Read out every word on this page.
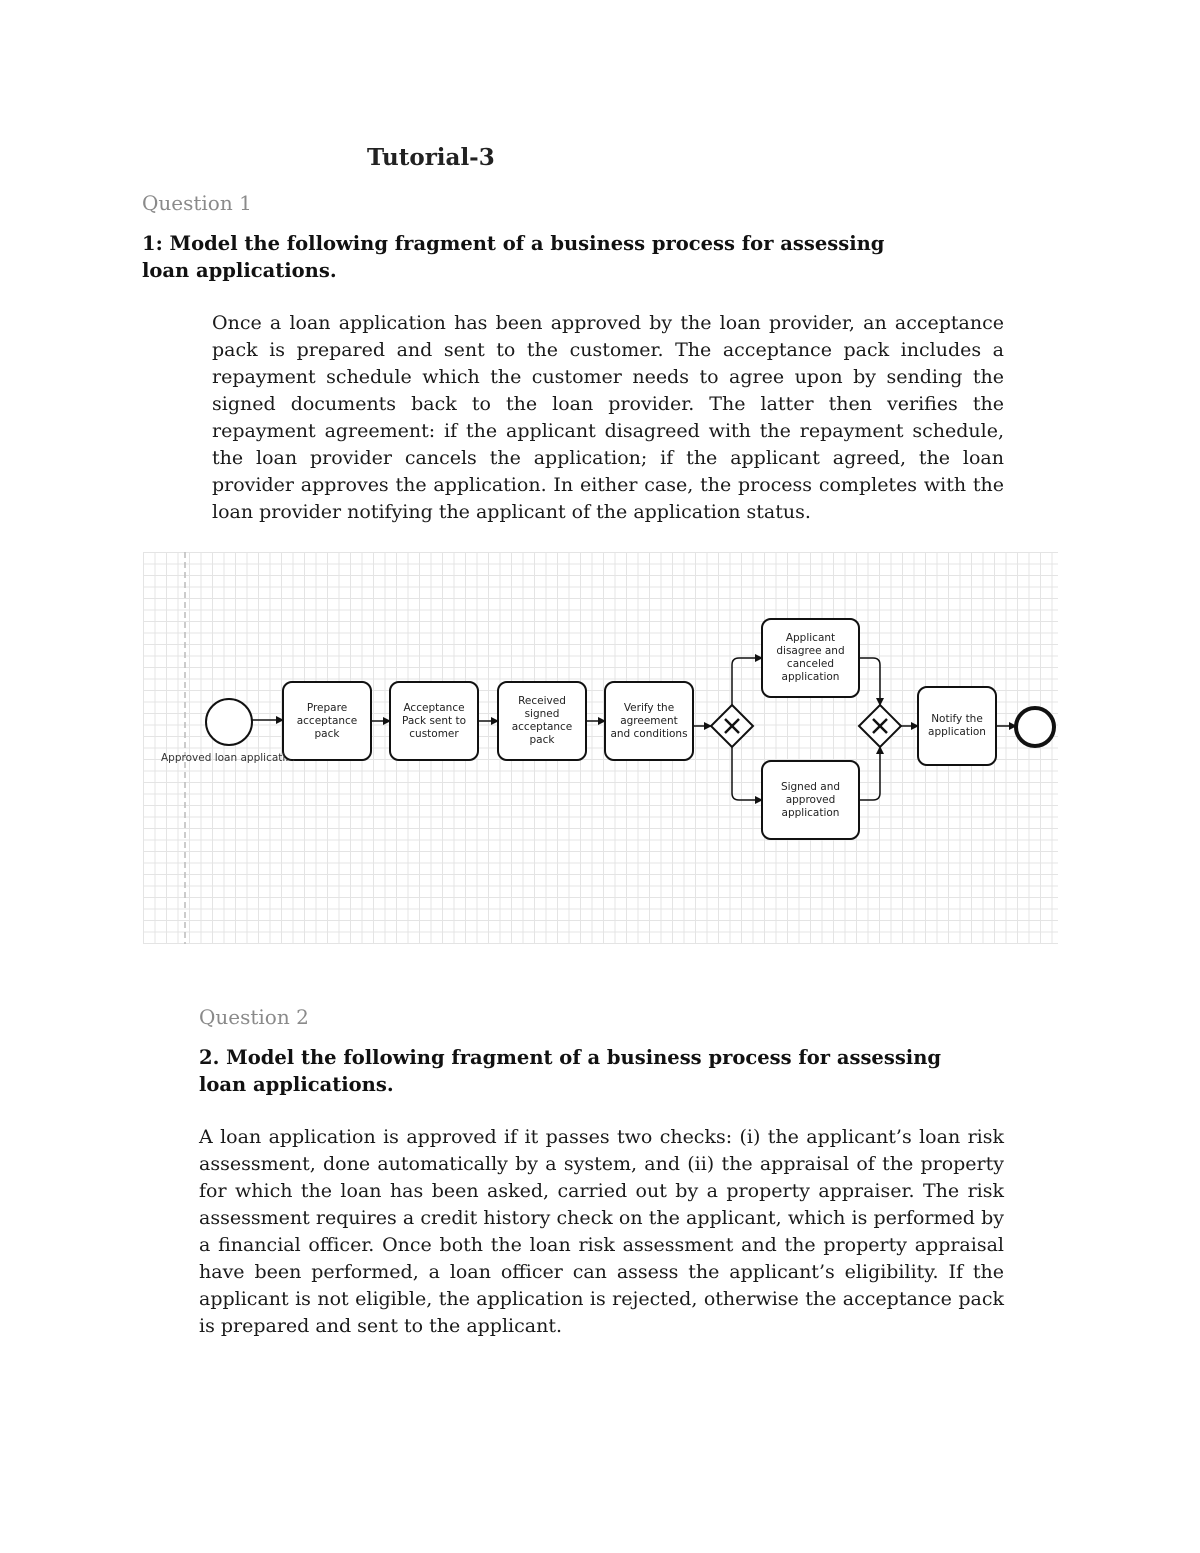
Tutorial-3
Question 1
1: Model the following fragment of a business process for assessing loan applications.
Once a loan application has been approved by the loan provider, an acceptance pack is prepared and sent to the customer. The acceptance pack includes a repayment schedule which the customer needs to agree upon by sending the signed documents back to the loan provider. The latter then verifies the repayment agreement: if the applicant disagreed with the repayment schedule, the loan provider cancels the application; if the applicant agreed, the loan provider approves the application. In either case, the process completes with the loan provider notifying the applicant of the application status.
Approved loan applicati...
Prepare acceptance pack
Acceptance Pack sent to customer
Received signed acceptance pack
Verify the agreement and conditions
Applicant disagree and canceled application
Signed and approved application
Notify the application
Question 2
2. Model the following fragment of a business process for assessing loan applications.
A loan application is approved if it passes two checks: (i) the applicant’s loan risk assessment, done automatically by a system, and (ii) the appraisal of the property for which the loan has been asked, carried out by a property appraiser. The risk assessment requires a credit history check on the applicant, which is performed by a financial officer. Once both the loan risk assessment and the property appraisal have been performed, a loan officer can assess the applicant’s eligibility. If the applicant is not eligible, the application is rejected, otherwise the acceptance pack is prepared and sent to the applicant.
